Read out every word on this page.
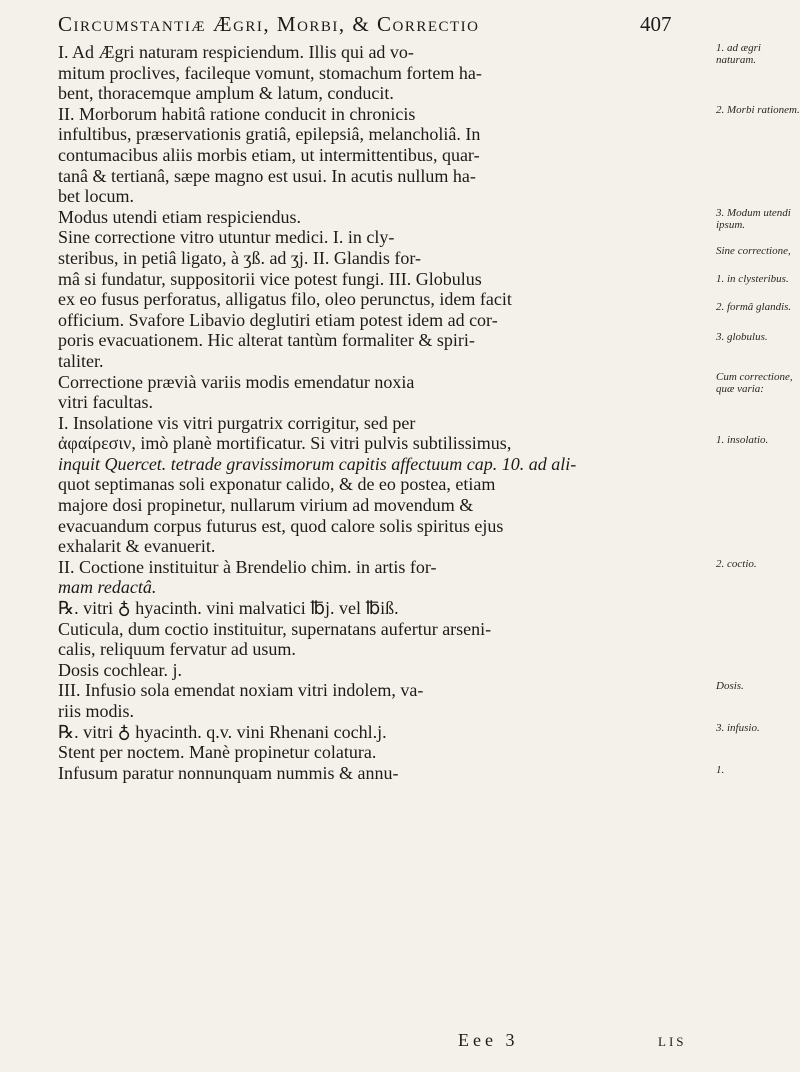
Circumstantiæ Ægri, Morbi, & Correctio	407
I. Ad Ægri naturam respiciendum. Illis qui ad vo-
mitum proclives, facileque vomunt, stomachum fortem ha-
bent, thoracemque amplum & latum, conducit.
II. Morborum habitâ ratione conducit in chronicis
infultibus, præservationis gratiâ, epilepsiâ, melancholiâ. In
contumacibus aliis morbis etiam, ut intermittentibus, quar-
tanâ & tertianâ, sæpe magno est usui. In acutis nullum ha-
bet locum.
Modus utendi etiam respiciendus.
Sine correctione vitro utuntur medici. I. in cly-
steribus, in petiâ ligato, à ʒß. ad ʒj. II. Glandis for-
mâ si fundatur, suppositorii vice potest fungi. III. Globulus
ex eo fusus perforatus, alligatus filo, oleo perunctus, idem facit
officium. Svafore Libavio deglutiri etiam potest idem ad cor-
poris evacuationem. Hic alterat tantùm formaliter & spiri-
taliter.
Correctione prævià variis modis emendatur noxia
vitri facultas.
I. Insolatione vis vitri purgatrix corrigitur, sed per
ἀφαίρεσιν, imò planè mortificatur. Si vitri pulvis subtilissimus,
inquit Quercet. tetrade gravissimorum capitis affectuum cap. 10. ad ali-
quot septimanas soli exponatur calido, & de eo postea, etiam
majore dosi propinetur, nullarum virium ad movendum &
evacuandum corpus futurus est, quod calore solis spiritus ejus
exhalarit & evanuerit.
II. Coctione instituitur à Brendelio chim. in artis for-
mam redactâ.
℞. vitri ♁ hyacinth. vini malvatici ℔j. vel ℔iß.
Cuticula, dum coctio instituitur, supernatans aufertur arseni-
calis, reliquum fervatur ad usum.
Dosis cochlear. j.
III. Infusio sola emendat noxiam vitri indolem, va-
riis modis.
℞. vitri ♁ hyacinth. q.v. vini Rhenani cochl.j.
Stent per noctem. Manè propinetur colatura.
Infusum paratur nonnunquam nummis & annu-
1. ad ægri naturam.
2. Morbi rationem.
3. Modum utendi ipsum.
Sine correctione,
1. in clysteribus.
2. formâ glandis.
3. globulus.
Cum correctione, quæ varia:
1. insolatio.
2. coctio.
Dosis.
3. infusio.
1.
Eee 3	lis
